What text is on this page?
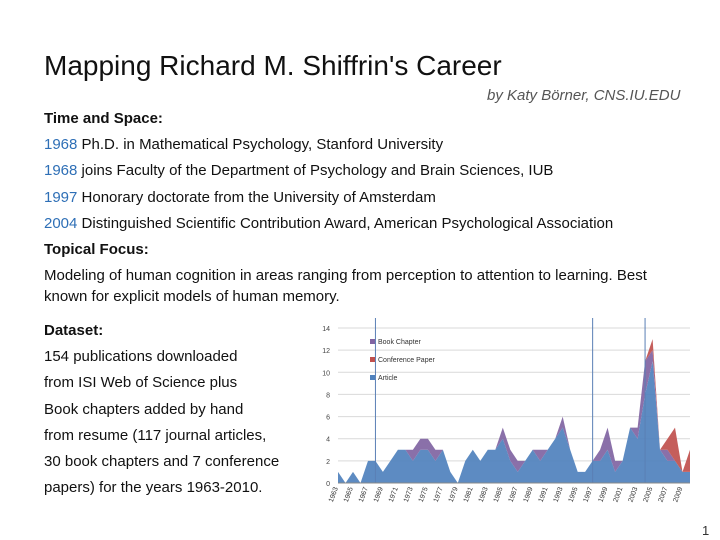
Mapping Richard M. Shiffrin's Career
by Katy Börner, CNS.IU.EDU
Time and Space:
1968 Ph.D. in Mathematical Psychology, Stanford University
1968 joins Faculty of the Department of Psychology and Brain Sciences, IUB
1997 Honorary doctorate from the University of Amsterdam
2004 Distinguished Scientific Contribution Award, American Psychological Association
Topical Focus:
Modeling of human cognition in areas ranging from perception to attention to learning. Best known for explicit models of human memory.
Dataset:
154 publications downloaded
from ISI Web of Science plus
Book chapters added by hand
from resume (117 journal articles,
30 book chapters and 7 conference
papers) for the years 1963-2010.	0
2
4
6
8
10
12
14
1963 1965 1967 1969 1971 1973 1975 1977 1979 1981 1983 1985 1987 1989 1991 1993 1995 1997 1999 2001 2003 2005 2007 2009
Book Chapter
Conference Paper
Article
1
